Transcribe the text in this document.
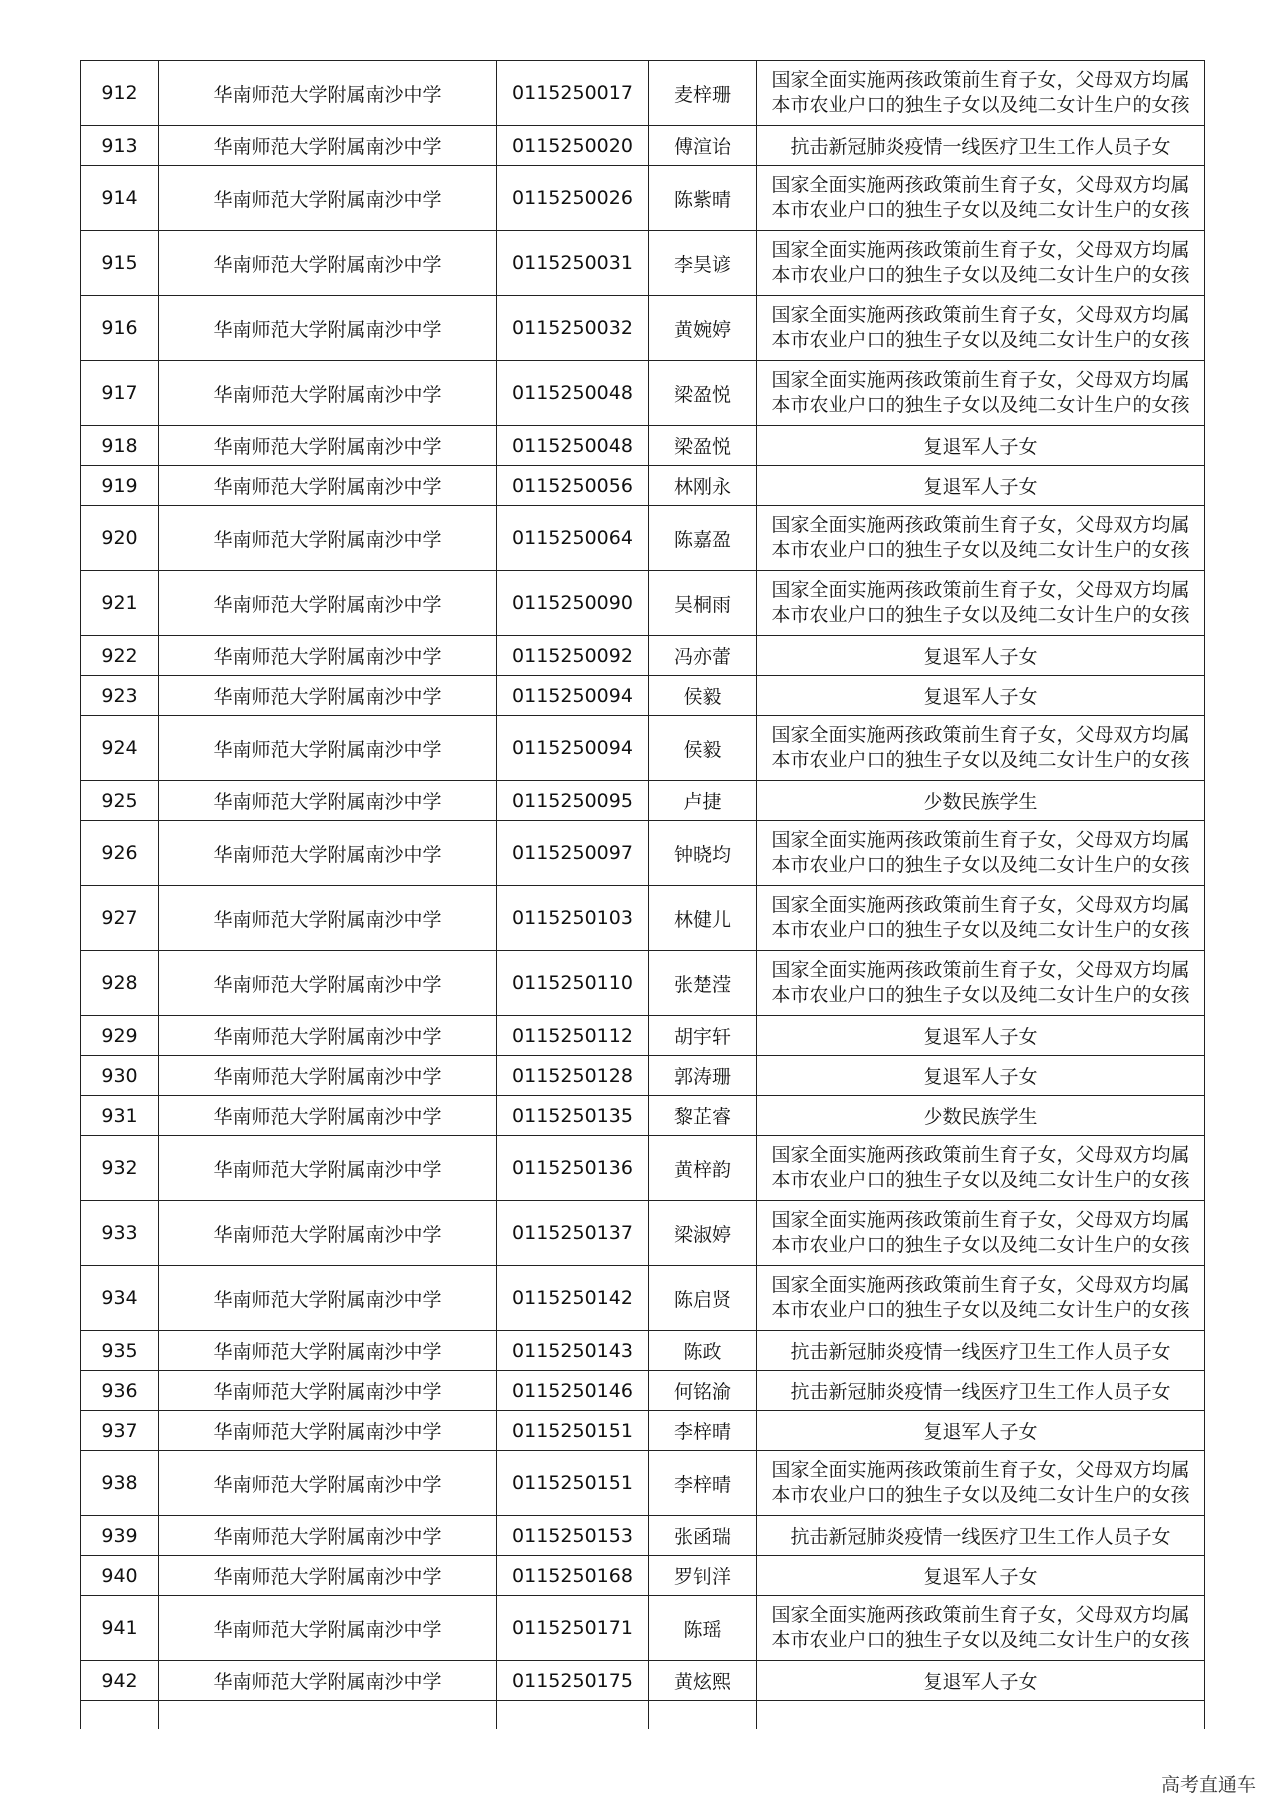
912	华南师范大学附属南沙中学	0115250017	麦梓珊	国家全面实施两孩政策前生育子女，父母双方均属
本市农业户口的独生子女以及纯二女计生户的女孩

913	华南师范大学附属南沙中学	0115250020	傅渲诒	抗击新冠肺炎疫情一线医疗卫生工作人员子女
914	华南师范大学附属南沙中学	0115250026	陈紫晴	国家全面实施两孩政策前生育子女，父母双方均属
本市农业户口的独生子女以及纯二女计生户的女孩

915	华南师范大学附属南沙中学	0115250031	李昊谚	国家全面实施两孩政策前生育子女，父母双方均属
本市农业户口的独生子女以及纯二女计生户的女孩

916	华南师范大学附属南沙中学	0115250032	黄婉婷	国家全面实施两孩政策前生育子女，父母双方均属
本市农业户口的独生子女以及纯二女计生户的女孩

917	华南师范大学附属南沙中学	0115250048	梁盈悦	国家全面实施两孩政策前生育子女，父母双方均属
本市农业户口的独生子女以及纯二女计生户的女孩

918	华南师范大学附属南沙中学	0115250048	梁盈悦	复退军人子女
919	华南师范大学附属南沙中学	0115250056	林刚永	复退军人子女
920	华南师范大学附属南沙中学	0115250064	陈嘉盈	国家全面实施两孩政策前生育子女，父母双方均属
本市农业户口的独生子女以及纯二女计生户的女孩

921	华南师范大学附属南沙中学	0115250090	吴桐雨	国家全面实施两孩政策前生育子女，父母双方均属
本市农业户口的独生子女以及纯二女计生户的女孩

922	华南师范大学附属南沙中学	0115250092	冯亦蕾	复退军人子女
923	华南师范大学附属南沙中学	0115250094	侯毅	复退军人子女
924	华南师范大学附属南沙中学	0115250094	侯毅	国家全面实施两孩政策前生育子女，父母双方均属
本市农业户口的独生子女以及纯二女计生户的女孩

925	华南师范大学附属南沙中学	0115250095	卢捷	少数民族学生
926	华南师范大学附属南沙中学	0115250097	钟晓均	国家全面实施两孩政策前生育子女，父母双方均属
本市农业户口的独生子女以及纯二女计生户的女孩

927	华南师范大学附属南沙中学	0115250103	林健儿	国家全面实施两孩政策前生育子女，父母双方均属
本市农业户口的独生子女以及纯二女计生户的女孩

928	华南师范大学附属南沙中学	0115250110	张楚滢	国家全面实施两孩政策前生育子女，父母双方均属
本市农业户口的独生子女以及纯二女计生户的女孩

929	华南师范大学附属南沙中学	0115250112	胡宇轩	复退军人子女
930	华南师范大学附属南沙中学	0115250128	郭涛珊	复退军人子女
931	华南师范大学附属南沙中学	0115250135	黎芷睿	少数民族学生
932	华南师范大学附属南沙中学	0115250136	黄梓韵	国家全面实施两孩政策前生育子女，父母双方均属
本市农业户口的独生子女以及纯二女计生户的女孩

933	华南师范大学附属南沙中学	0115250137	梁淑婷	国家全面实施两孩政策前生育子女，父母双方均属
本市农业户口的独生子女以及纯二女计生户的女孩

934	华南师范大学附属南沙中学	0115250142	陈启贤	国家全面实施两孩政策前生育子女，父母双方均属
本市农业户口的独生子女以及纯二女计生户的女孩

935	华南师范大学附属南沙中学	0115250143	陈政	抗击新冠肺炎疫情一线医疗卫生工作人员子女
936	华南师范大学附属南沙中学	0115250146	何铭渝	抗击新冠肺炎疫情一线医疗卫生工作人员子女
937	华南师范大学附属南沙中学	0115250151	李梓晴	复退军人子女
938	华南师范大学附属南沙中学	0115250151	李梓晴	国家全面实施两孩政策前生育子女，父母双方均属
本市农业户口的独生子女以及纯二女计生户的女孩

939	华南师范大学附属南沙中学	0115250153	张函瑞	抗击新冠肺炎疫情一线医疗卫生工作人员子女
940	华南师范大学附属南沙中学	0115250168	罗钊洋	复退军人子女
941	华南师范大学附属南沙中学	0115250171	陈瑶	国家全面实施两孩政策前生育子女，父母双方均属
本市农业户口的独生子女以及纯二女计生户的女孩

942	华南师范大学附属南沙中学	0115250175	黄炫熙	复退军人子女

高考直通车
